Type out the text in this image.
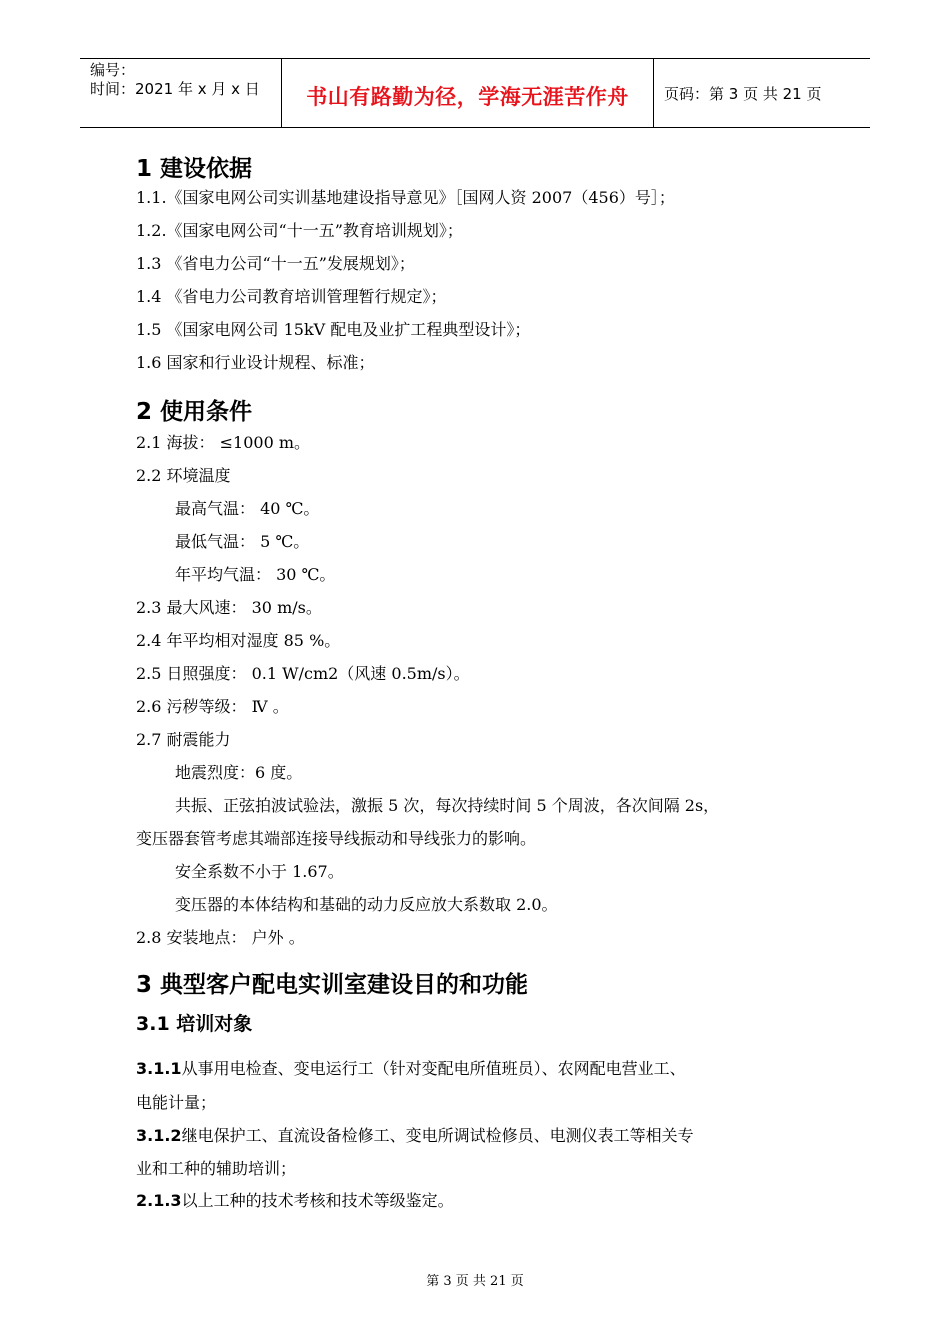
编号：
时间：2021 年 x 月 x 日	书山有路勤为径，学海无涯苦作舟	页码：第 3 页 共 21 页
1 建设依据
1.1.《国家电网公司实训基地建设指导意见》［国网人资 2007（456）号］；
1.2.《国家电网公司“十一五”教育培训规划》；
1.3 《省电力公司“十一五”发展规划》；
1.4 《省电力公司教育培训管理暂行规定》；
1.5 《国家电网公司 15kV 配电及业扩工程典型设计》；
1.6 国家和行业设计规程、标准；
2 使用条件
2.1 海拔： ≤1000 m。
2.2 环境温度
最高气温： 40 ℃。
最低气温： 5 ℃。
年平均气温： 30 ℃。
2.3 最大风速： 30 m/s。
2.4 年平均相对湿度 85 %。
2.5 日照强度： 0.1 W/cm2（风速 0.5m/s）。
2.6 污秽等级： Ⅳ 。
2.7 耐震能力
地震烈度：6 度。
共振、正弦拍波试验法，激振 5 次，每次持续时间 5 个周波，各次间隔 2s，
变压器套管考虑其端部连接导线振动和导线张力的影响。
安全系数不小于 1.67。
变压器的本体结构和基础的动力反应放大系数取 2.0。
2.8 安装地点： 户外 。
3 典型客户配电实训室建设目的和功能
3.1 培训对象
3.1.1从事用电检查、变电运行工（针对变配电所值班员）、农网配电营业工、
电能计量；
3.1.2继电保护工、直流设备检修工、变电所调试检修员、电测仪表工等相关专
业和工种的辅助培训；
2.1.3以上工种的技术考核和技术等级鉴定。
第 3 页 共 21 页
